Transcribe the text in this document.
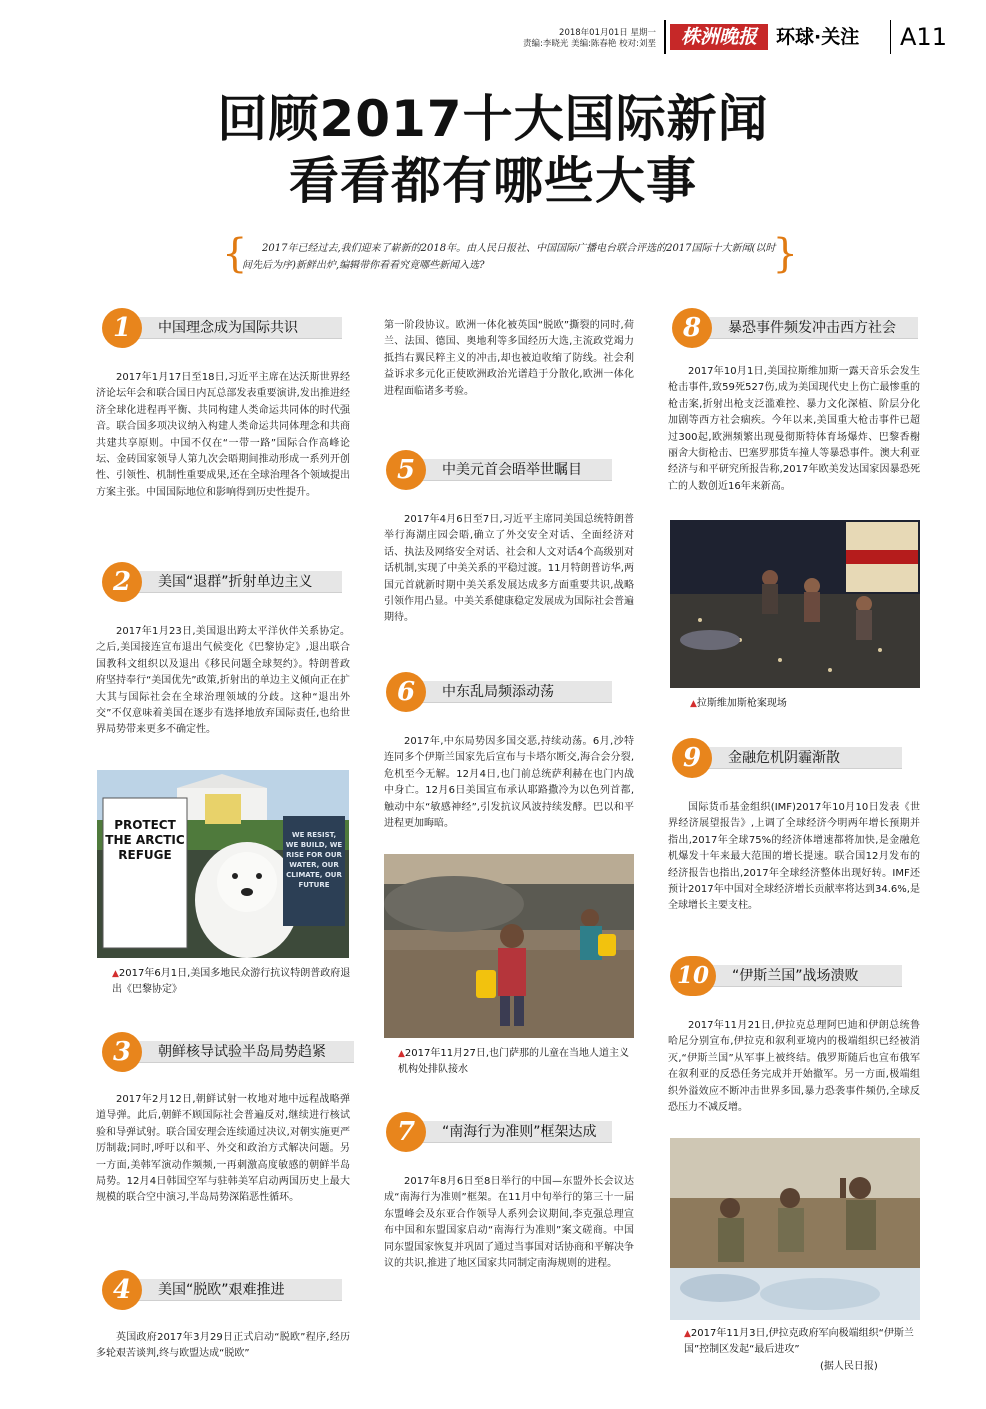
2018年01月01日 星期一
责编:李晓光 美编:陈春艳 校对:刘垩	株洲晚报	环球·关注 A11
回顾2017十大国际新闻
看看都有哪些大事
{	2017年已经过去,我们迎来了崭新的2018年。由人民日报社、中国国际广播电台联合评选的2017国际十大新闻(以时间先后为序)新鲜出炉,编辑带你看看究竟哪些新闻入选?	}
1	中国理念成为国际共识
2017年1月17日至18日,习近平主席在达沃斯世界经济论坛年会和联合国日内瓦总部发表重要演讲,发出推进经济全球化进程再平衡、共同构建人类命运共同体的时代强音。联合国多项决议纳入构建人类命运共同体理念和共商共建共享原则。中国不仅在“一带一路”国际合作高峰论坛、金砖国家领导人第九次会晤期间推动形成一系列开创性、引领性、机制性重要成果,还在全球治理各个领域提出方案主张。中国国际地位和影响得到历史性提升。
2	美国“退群”折射单边主义
2017年1月23日,美国退出跨太平洋伙伴关系协定。之后,美国接连宣布退出气候变化《巴黎协定》,退出联合国教科文组织以及退出《移民问题全球契约》。特朗普政府坚持奉行“美国优先”政策,折射出的单边主义倾向正在扩大其与国际社会在全球治理领域的分歧。这种“退出外交”不仅意味着美国在逐步有选择地放弃国际责任,也给世界局势带来更多不确定性。
PROTECT THE ARCTIC REFUGE
WE RESIST, WE BUILD, WE RISE FOR OUR WATER, OUR CLIMATE, OUR FUTURE
▲2017年6月1日,美国多地民众游行抗议特朗普政府退出《巴黎协定》
3	朝鲜核导试验半岛局势趋紧
2017年2月12日,朝鲜试射一枚地对地中远程战略弹道导弹。此后,朝鲜不顾国际社会普遍反对,继续进行核试验和导弹试射。联合国安理会连续通过决议,对朝实施更严厉制裁;同时,呼吁以和平、外交和政治方式解决问题。另一方面,美韩军演动作频频,一再刺激高度敏感的朝鲜半岛局势。12月4日韩国空军与驻韩美军启动两国历史上最大规模的联合空中演习,半岛局势深陷恶性循环。
4	美国“脱欧”艰难推进
英国政府2017年3月29日正式启动“脱欧”程序,经历多轮艰苦谈判,终与欧盟达成“脱欧”
第一阶段协议。欧洲一体化被英国“脱欧”撕裂的同时,荷兰、法国、德国、奥地利等多国经历大选,主流政党竭力抵挡右翼民粹主义的冲击,却也被迫收缩了防线。社会利益诉求多元化正使欧洲政治光谱趋于分散化,欧洲一体化进程面临诸多考验。
5	中美元首会晤举世瞩目
2017年4月6日至7日,习近平主席同美国总统特朗普举行海湖庄园会晤,确立了外交安全对话、全面经济对话、执法及网络安全对话、社会和人文对话4个高级别对话机制,实现了中美关系的平稳过渡。11月特朗普访华,两国元首就新时期中美关系发展达成多方面重要共识,战略引领作用凸显。中美关系健康稳定发展成为国际社会普遍期待。
6	中东乱局频添动荡
2017年,中东局势因多国交恶,持续动荡。6月,沙特连同多个伊斯兰国家先后宣布与卡塔尔断交,海合会分裂,危机至今无解。12月4日,也门前总统萨利赫在也门内战中身亡。12月6日美国宣布承认耶路撒冷为以色列首都,触动中东“敏感神经”,引发抗议风波持续发酵。巴以和平进程更加晦暗。
▲2017年11月27日,也门萨那的儿童在当地人道主义机构处排队接水
7	“南海行为准则”框架达成
2017年8月6日至8日举行的中国—东盟外长会议达成“南海行为准则”框架。在11月中旬举行的第三十一届东盟峰会及东亚合作领导人系列会议期间,李克强总理宣布中国和东盟国家启动“南海行为准则”案文磋商。中国同东盟国家恢复并巩固了通过当事国对话协商和平解决争议的共识,推进了地区国家共同制定南海规则的进程。
8	暴恐事件频发冲击西方社会
2017年10月1日,美国拉斯维加斯一露天音乐会发生枪击事件,致59死527伤,成为美国现代史上伤亡最惨重的枪击案,折射出枪支泛滥难控、暴力文化深植、阶层分化加剧等西方社会痼疾。今年以来,美国重大枪击事件已超过300起,欧洲频繁出现曼彻斯特体育场爆炸、巴黎香榭丽舍大街枪击、巴塞罗那货车撞人等暴恐事件。澳大利亚经济与和平研究所报告称,2017年欧美发达国家因暴恐死亡的人数创近16年来新高。
▲拉斯维加斯枪案现场
9	金融危机阴霾渐散
国际货币基金组织(IMF)2017年10月10日发表《世界经济展望报告》,上调了全球经济今明两年增长预期并指出,2017年全球75%的经济体增速都将加快,是金融危机爆发十年来最大范围的增长提速。联合国12月发布的经济报告也指出,2017年全球经济整体出现好转。IMF还预计2017年中国对全球经济增长贡献率将达到34.6%,是全球增长主要支柱。
10	“伊斯兰国”战场溃败
2017年11月21日,伊拉克总理阿巴迪和伊朗总统鲁哈尼分别宣布,伊拉克和叙利亚境内的极端组织已经被消灭,“伊斯兰国”从军事上被终结。俄罗斯随后也宣布俄军在叙利亚的反恐任务完成并开始撤军。另一方面,极端组织外溢效应不断冲击世界多国,暴力恐袭事件频仍,全球反恐压力不减反增。
▲2017年11月3日,伊拉克政府军向极端组织“伊斯兰国”控制区发起“最后进攻”
(据人民日报)
